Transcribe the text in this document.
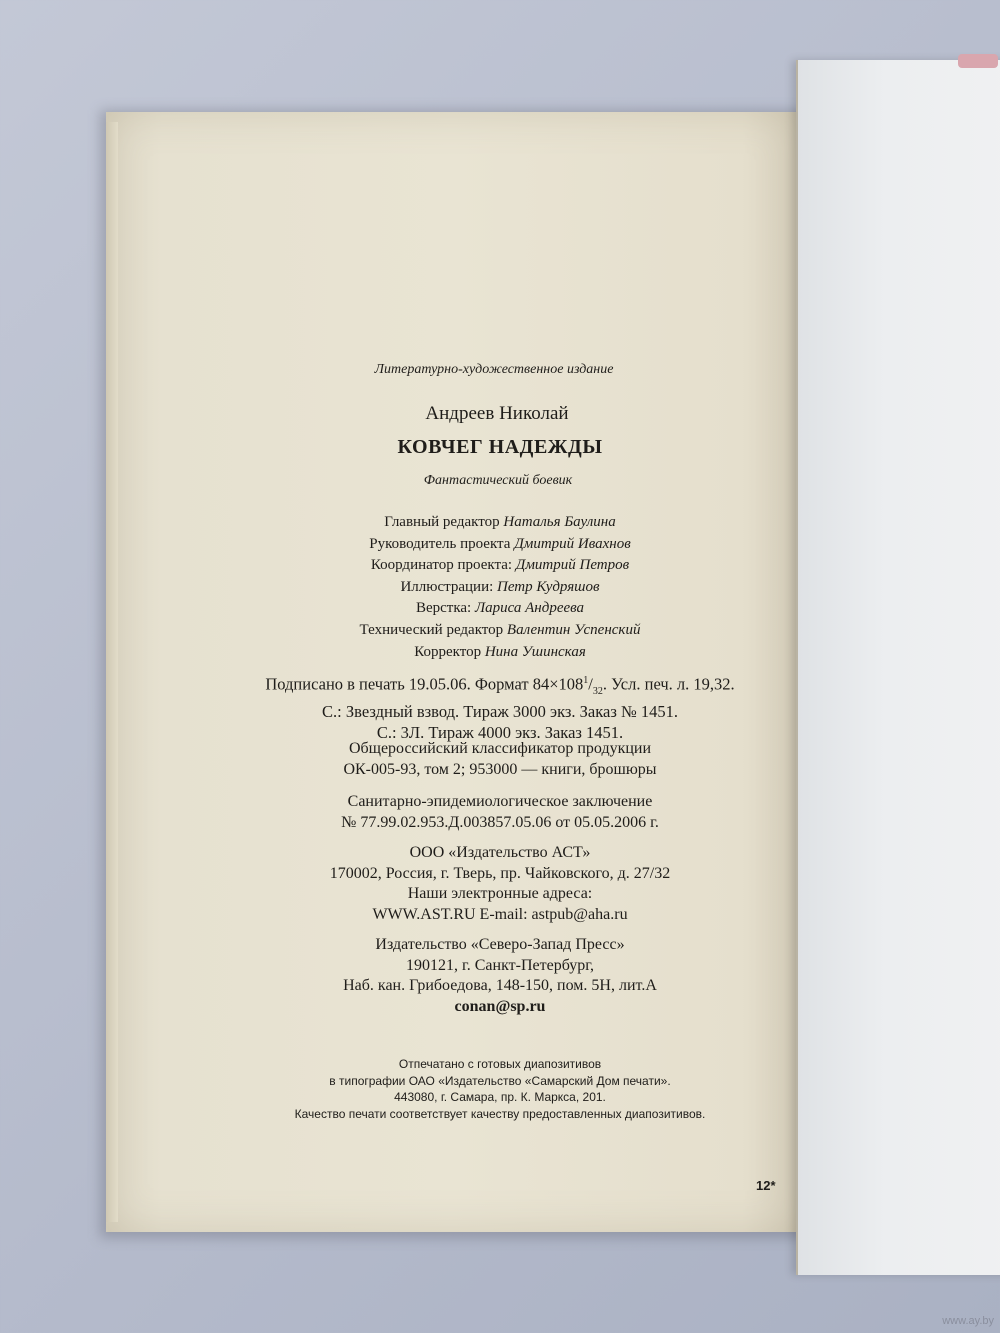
Литературно-художественное издание
Андреев Николай
КОВЧЕГ НАДЕЖДЫ
Фантастический боевик
Главный редактор Наталья Баулина
Руководитель проекта Дмитрий Ивахнов
Координатор проекта: Дмитрий Петров
Иллюстрации: Петр Кудряшов
Верстка: Лариса Андреева
Технический редактор Валентин Успенский
Корректор Нина Ушинская
Подписано в печать 19.05.06. Формат $84\times 108^1/_{32}$. Усл. печ. л. 19,32.
С.: Звездный взвод. Тираж 3000 экз. Заказ № 1451.
С.: 3Л. Тираж 4000 экз. Заказ 1451.
Общероссийский классификатор продукции
ОК-005-93, том 2; 953000 — книги, брошюры
Санитарно-эпидемиологическое заключение
№ 77.99.02.953.Д.003857.05.06 от 05.05.2006 г.
ООО «Издательство АСТ»
170002, Россия, г. Тверь, пр. Чайковского, д. 27/32
Наши электронные адреса:
WWW.AST.RU E-mail: astpub@aha.ru
Издательство «Северо-Запад Пресс»
190121, г. Санкт-Петербург,
Наб. кан. Грибоедова, 148-150, пом. 5Н, лит.А
conan@sp.ru
Отпечатано с готовых диапозитивов
в типографии ОАО «Издательство «Самарский Дом печати».
443080, г. Самара, пр. К. Маркса, 201.
Качество печати соответствует качеству предоставленных диапозитивов.
12*
www.ay.by
